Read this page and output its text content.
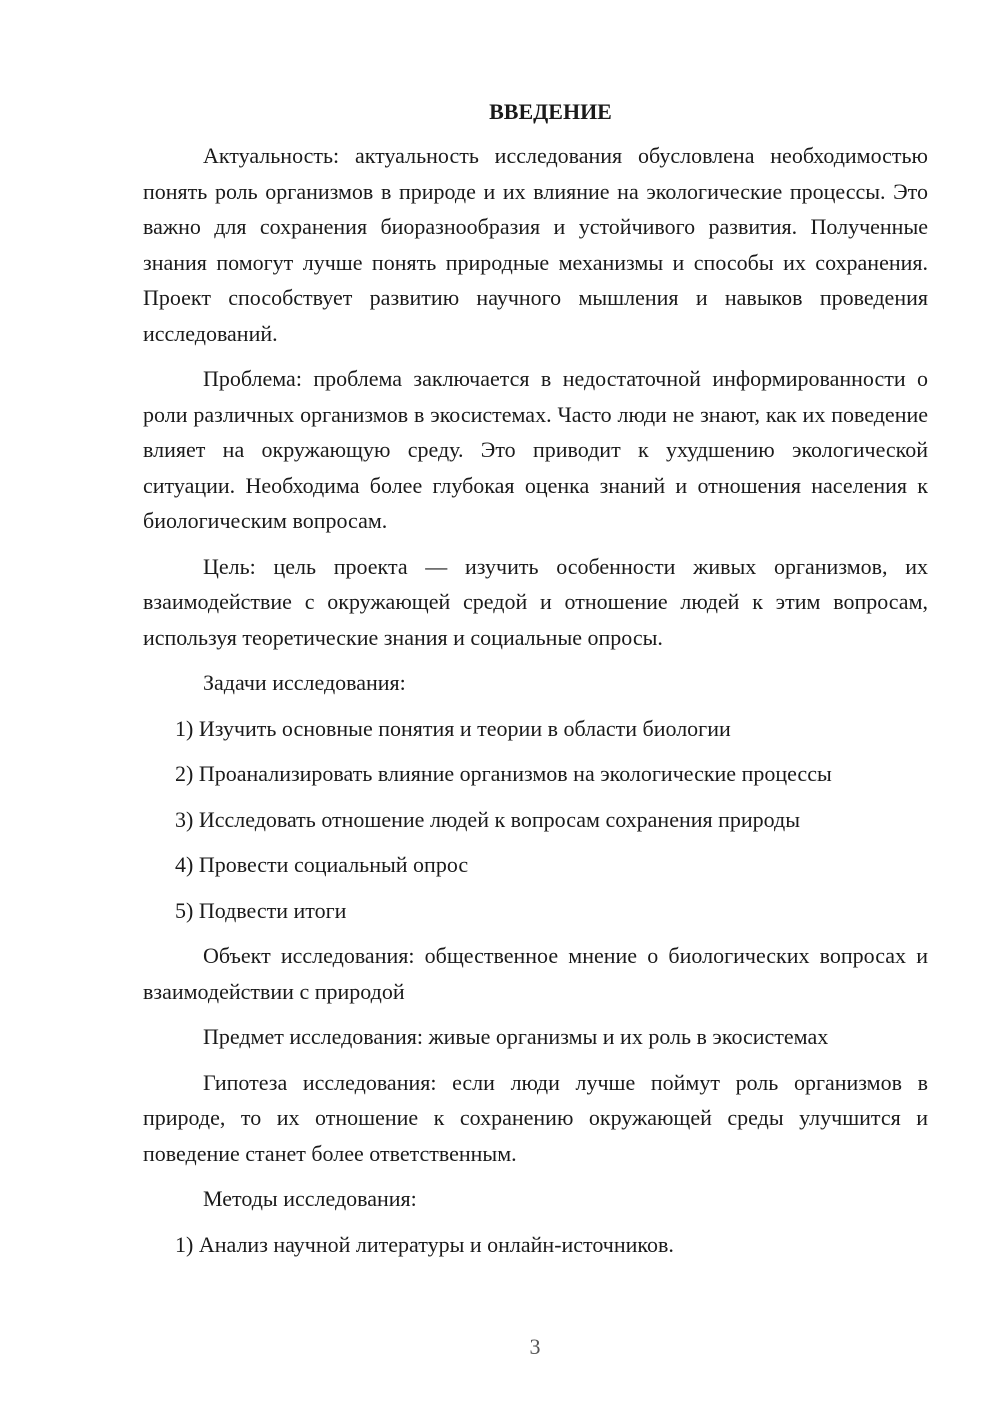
ВВЕДЕНИЕ

Актуальность: актуальность исследования обусловлена необходимостью понять роль организмов в природе и их влияние на экологические процессы. Это важно для сохранения биоразнообразия и устойчивого развития. Полученные знания помогут лучше понять природные механизмы и способы их сохранения. Проект способствует развитию научного мышления и навыков проведения исследований.

Проблема: проблема заключается в недостаточной информированности о роли различных организмов в экосистемах. Часто люди не знают, как их поведение влияет на окружающую среду. Это приводит к ухудшению экологической ситуации. Необходима более глубокая оценка знаний и отношения населения к биологическим вопросам.

Цель: цель проекта — изучить особенности живых организмов, их взаимодействие с окружающей средой и отношение людей к этим вопросам, используя теоретические знания и социальные опросы.

Задачи исследования:

1) Изучить основные понятия и теории в области биологии

2) Проанализировать влияние организмов на экологические процессы

3) Исследовать отношение людей к вопросам сохранения природы

4) Провести социальный опрос

5) Подвести итоги

Объект исследования: общественное мнение о биологических вопросах и взаимодействии с природой

Предмет исследования: живые организмы и их роль в экосистемах

Гипотеза исследования: если люди лучше поймут роль организмов в природе, то их отношение к сохранению окружающей среды улучшится и поведение станет более ответственным.

Методы исследования:

1) Анализ научной литературы и онлайн-источников.

3
